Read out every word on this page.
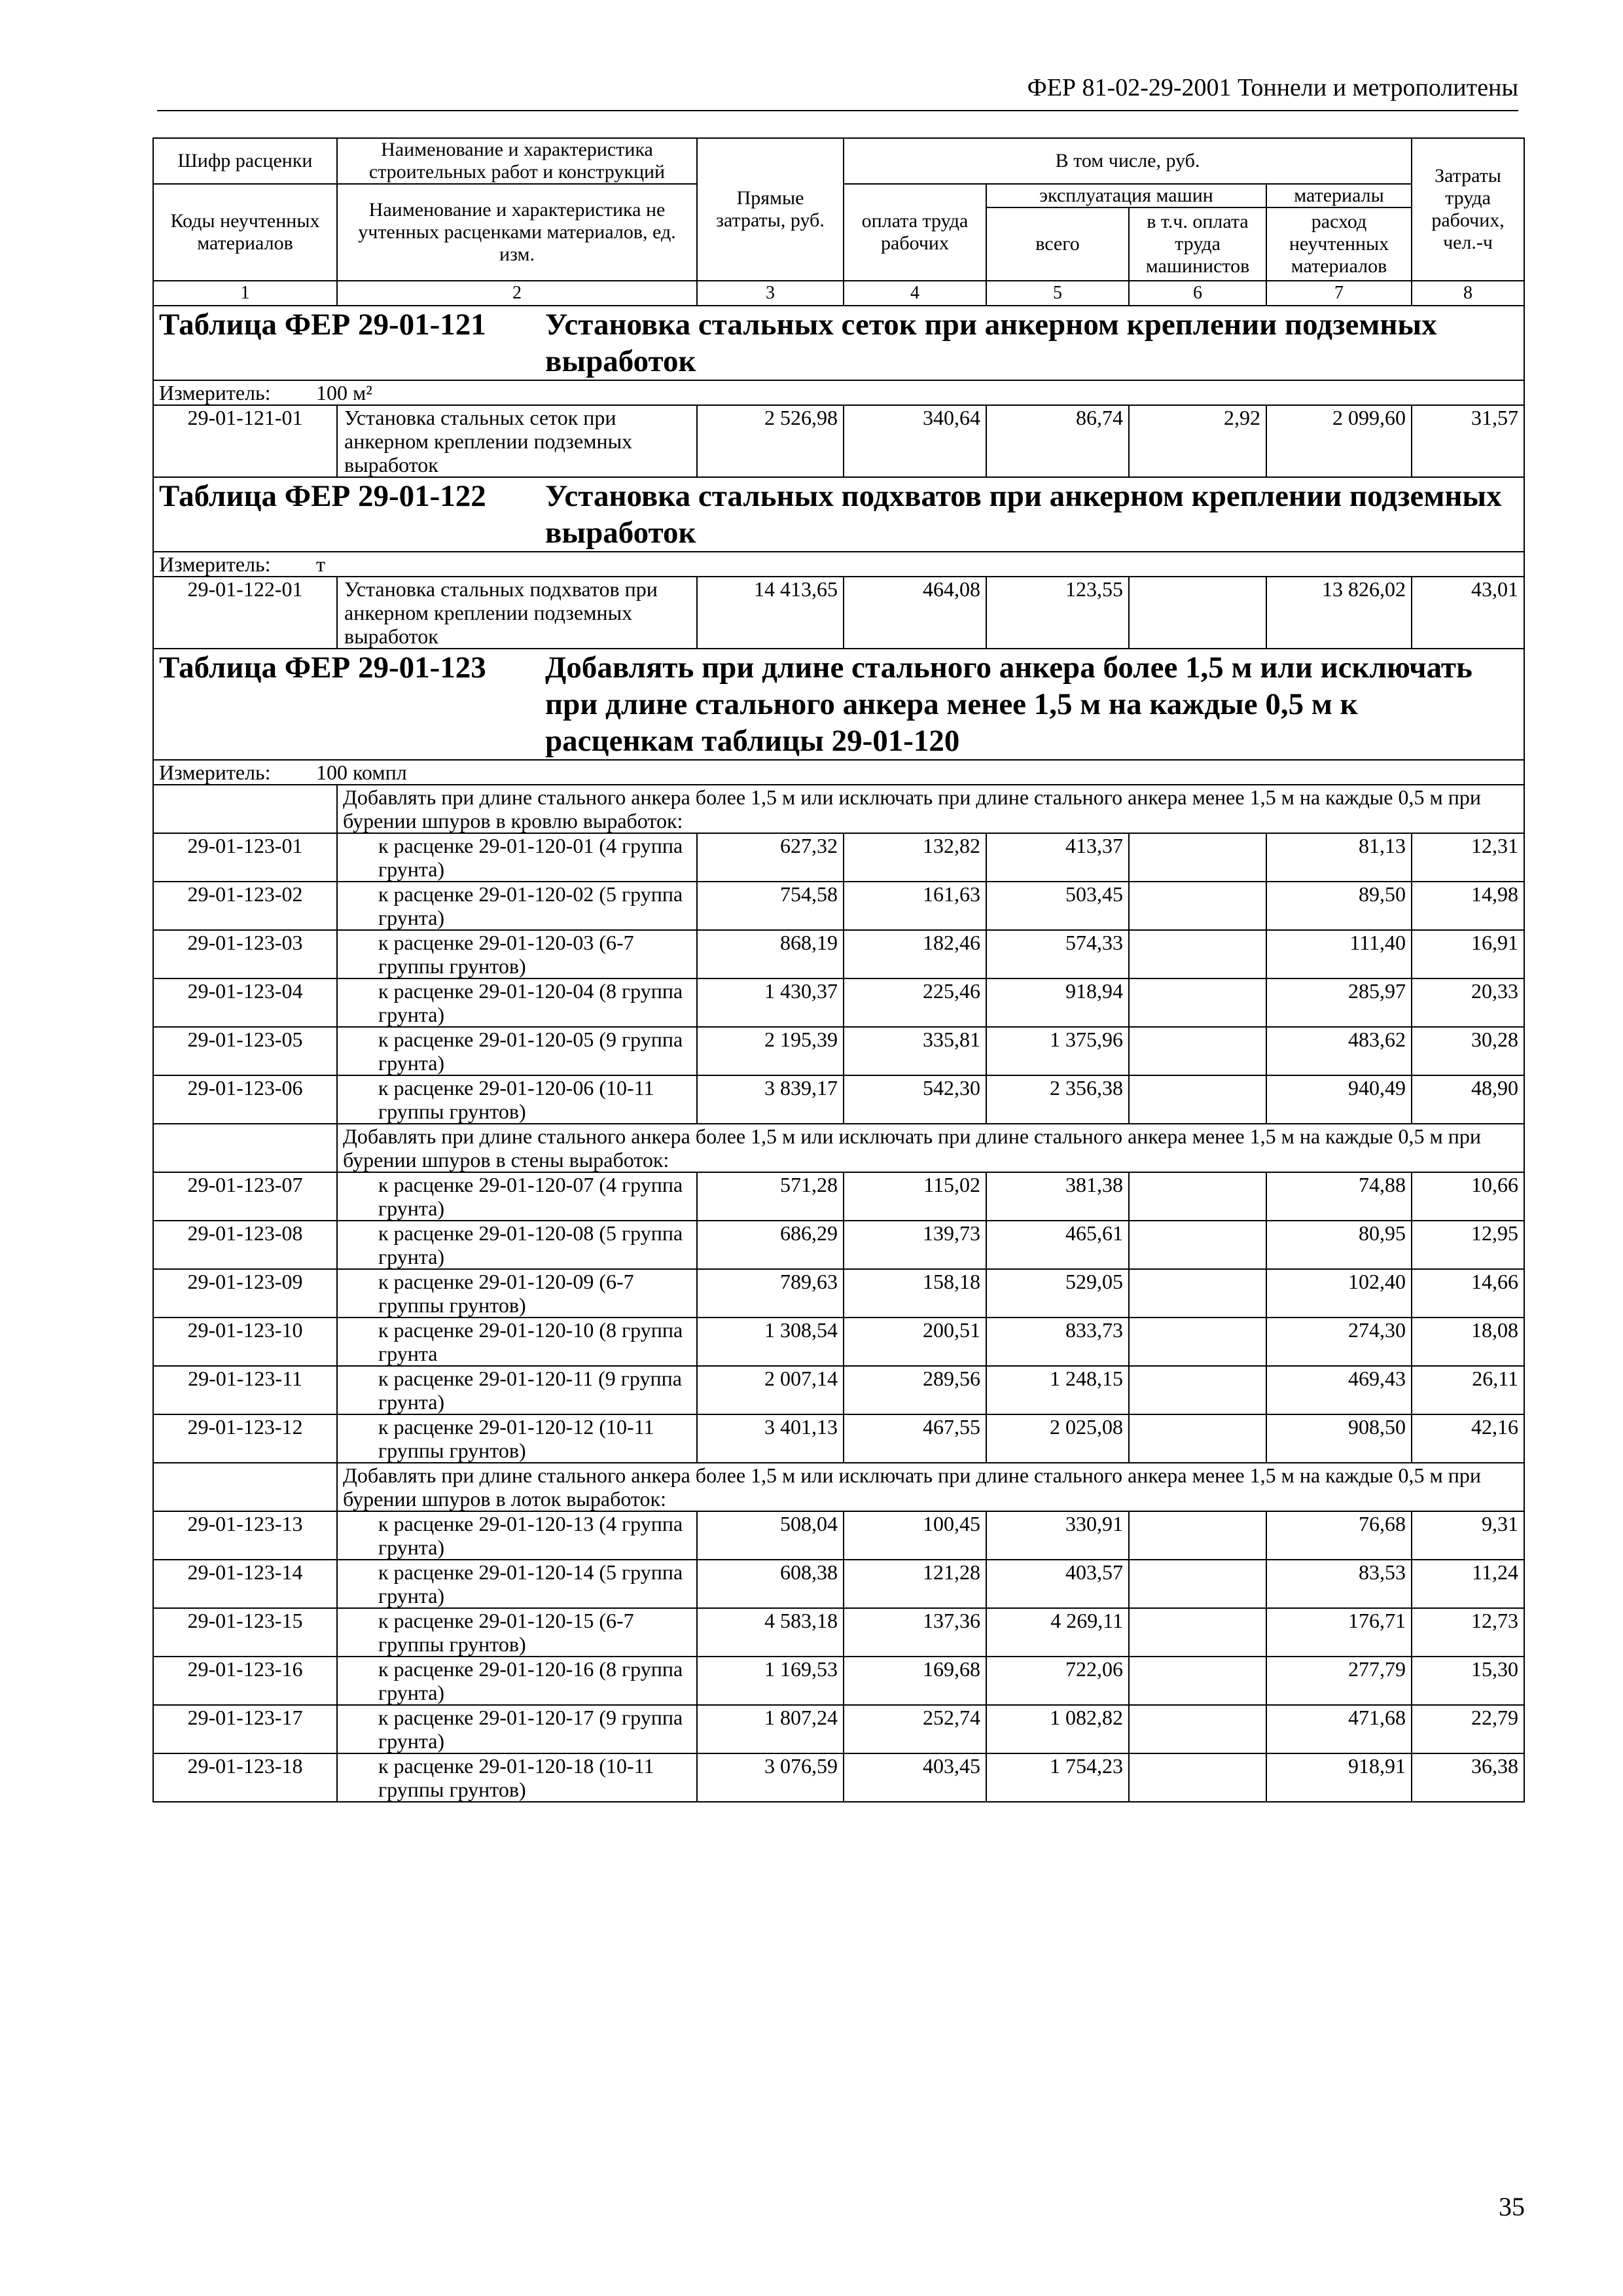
ФЕР 81-02-29-2001 Тоннели и метрополитены
Шифр расценки	Наименование и характеристика строительных работ и конструкций	Прямые затраты, руб.	В том числе, руб.				Затраты труда рабочих, чел.-ч
Коды неучтенных материалов	Наименование и характеристика не учтенных расценками материалов, ед. изм.		оплата труда рабочих	эксплуатация машин		материалы	
				всего	в т.ч. оплата труда машинистов	расход неучтенных материалов	
1	2	3	4	5	6	7	8
Таблица ФЕР 29-01-121 Установка стальных сеток при анкерном креплении подземных выработок							
Измеритель: 100 м²							
29-01-121-01	Установка стальных сеток при анкерном креплении подземных выработок	2 526,98	340,64	86,74	2,92	2 099,60	31,57
Таблица ФЕР 29-01-122 Установка стальных подхватов при анкерном креплении подземных выработок							
Измеритель: т							
29-01-122-01	Установка стальных подхватов при анкерном креплении подземных выработок	14 413,65	464,08	123,55		13 826,02	43,01
Таблица ФЕР 29-01-123 Добавлять при длине стального анкера более 1,5 м или исключать при длине стального анкера менее 1,5 м на каждые 0,5 м к расценкам таблицы 29-01-120							
Измеритель: 100 компл							
	Добавлять при длине стального анкера более 1,5 м или исключать при длине стального анкера менее 1,5 м на каждые 0,5 м при бурении шпуров в кровлю выработок:						
29-01-123-01	к расценке 29-01-120-01 (4 группа грунта)	627,32	132,82	413,37		81,13	12,31
29-01-123-02	к расценке 29-01-120-02 (5 группа грунта)	754,58	161,63	503,45		89,50	14,98
29-01-123-03	к расценке 29-01-120-03 (6-7 группы грунтов)	868,19	182,46	574,33		111,40	16,91
29-01-123-04	к расценке 29-01-120-04 (8 группа грунта)	1 430,37	225,46	918,94		285,97	20,33
29-01-123-05	к расценке 29-01-120-05 (9 группа грунта)	2 195,39	335,81	1 375,96		483,62	30,28
29-01-123-06	к расценке 29-01-120-06 (10-11 группы грунтов)	3 839,17	542,30	2 356,38		940,49	48,90
	Добавлять при длине стального анкера более 1,5 м или исключать при длине стального анкера менее 1,5 м на каждые 0,5 м при бурении шпуров в стены выработок:						
29-01-123-07	к расценке 29-01-120-07 (4 группа грунта)	571,28	115,02	381,38		74,88	10,66
29-01-123-08	к расценке 29-01-120-08 (5 группа грунта)	686,29	139,73	465,61		80,95	12,95
29-01-123-09	к расценке 29-01-120-09 (6-7 группы грунтов)	789,63	158,18	529,05		102,40	14,66
29-01-123-10	к расценке 29-01-120-10 (8 группа грунта	1 308,54	200,51	833,73		274,30	18,08
29-01-123-11	к расценке 29-01-120-11 (9 группа грунта)	2 007,14	289,56	1 248,15		469,43	26,11
29-01-123-12	к расценке 29-01-120-12 (10-11 группы грунтов)	3 401,13	467,55	2 025,08		908,50	42,16
	Добавлять при длине стального анкера более 1,5 м или исключать при длине стального анкера менее 1,5 м на каждые 0,5 м при бурении шпуров в лоток выработок:						
29-01-123-13	к расценке 29-01-120-13 (4 группа грунта)	508,04	100,45	330,91		76,68	9,31
29-01-123-14	к расценке 29-01-120-14 (5 группа грунта)	608,38	121,28	403,57		83,53	11,24
29-01-123-15	к расценке 29-01-120-15 (6-7 группы грунтов)	4 583,18	137,36	4 269,11		176,71	12,73
29-01-123-16	к расценке 29-01-120-16 (8 группа грунта)	1 169,53	169,68	722,06		277,79	15,30
29-01-123-17	к расценке 29-01-120-17 (9 группа грунта)	1 807,24	252,74	1 082,82		471,68	22,79
29-01-123-18	к расценке 29-01-120-18 (10-11 группы грунтов)	3 076,59	403,45	1 754,23		918,91	36,38
35
